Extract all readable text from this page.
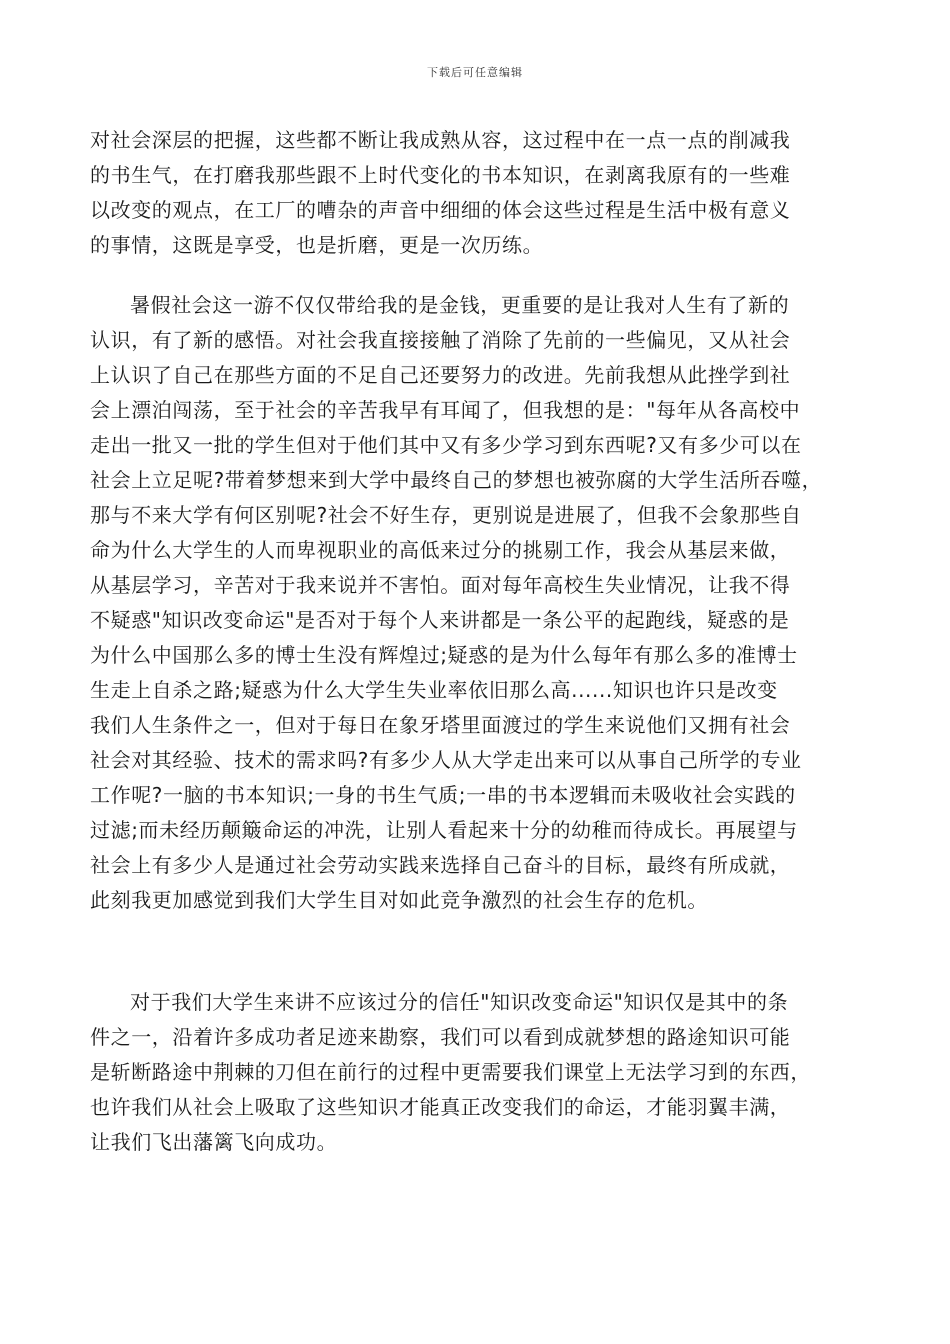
下载后可任意编辑
对社会深层的把握，这些都不断让我成熟从容，这过程中在一点一点的削减我
的书生气，在打磨我那些跟不上时代变化的书本知识，在剥离我原有的一些难
以改变的观点，在工厂的嘈杂的声音中细细的体会这些过程是生活中极有意义
的事情，这既是享受，也是折磨，更是一次历练。
暑假社会这一游不仅仅带给我的是金钱，更重要的是让我对人生有了新的
认识，有了新的感悟。对社会我直接接触了消除了先前的一些偏见，又从社会
上认识了自己在那些方面的不足自己还要努力的改进。先前我想从此挫学到社
会上漂泊闯荡，至于社会的辛苦我早有耳闻了，但我想的是："每年从各高校中
走出一批又一批的学生但对于他们其中又有多少学习到东西呢?又有多少可以在
社会上立足呢?带着梦想来到大学中最终自己的梦想也被弥腐的大学生活所吞噬，
那与不来大学有何区别呢?社会不好生存，更别说是进展了，但我不会象那些自
命为什么大学生的人而卑视职业的高低来过分的挑剔工作，我会从基层来做，
从基层学习，辛苦对于我来说并不害怕。面对每年高校生失业情况，让我不得
不疑惑"知识改变命运"是否对于每个人来讲都是一条公平的起跑线，疑惑的是
为什么中国那么多的博士生没有辉煌过;疑惑的是为什么每年有那么多的准博士
生走上自杀之路;疑惑为什么大学生失业率依旧那么高......知识也许只是改变
我们人生条件之一，但对于每日在象牙塔里面渡过的学生来说他们又拥有社会
社会对其经验、技术的需求吗?有多少人从大学走出来可以从事自己所学的专业
工作呢?一脑的书本知识;一身的书生气质;一串的书本逻辑而未吸收社会实践的
过滤;而未经历颠簸命运的冲洗，让别人看起来十分的幼稚而待成长。再展望与
社会上有多少人是通过社会劳动实践来选择自己奋斗的目标，最终有所成就，
此刻我更加感觉到我们大学生目对如此竞争激烈的社会生存的危机。
对于我们大学生来讲不应该过分的信任"知识改变命运"知识仅是其中的条
件之一，沿着许多成功者足迹来勘察，我们可以看到成就梦想的路途知识可能
是斩断路途中荆棘的刀但在前行的过程中更需要我们课堂上无法学习到的东西，
也许我们从社会上吸取了这些知识才能真正改变我们的命运，才能羽翼丰满，
让我们飞出藩篱飞向成功。
